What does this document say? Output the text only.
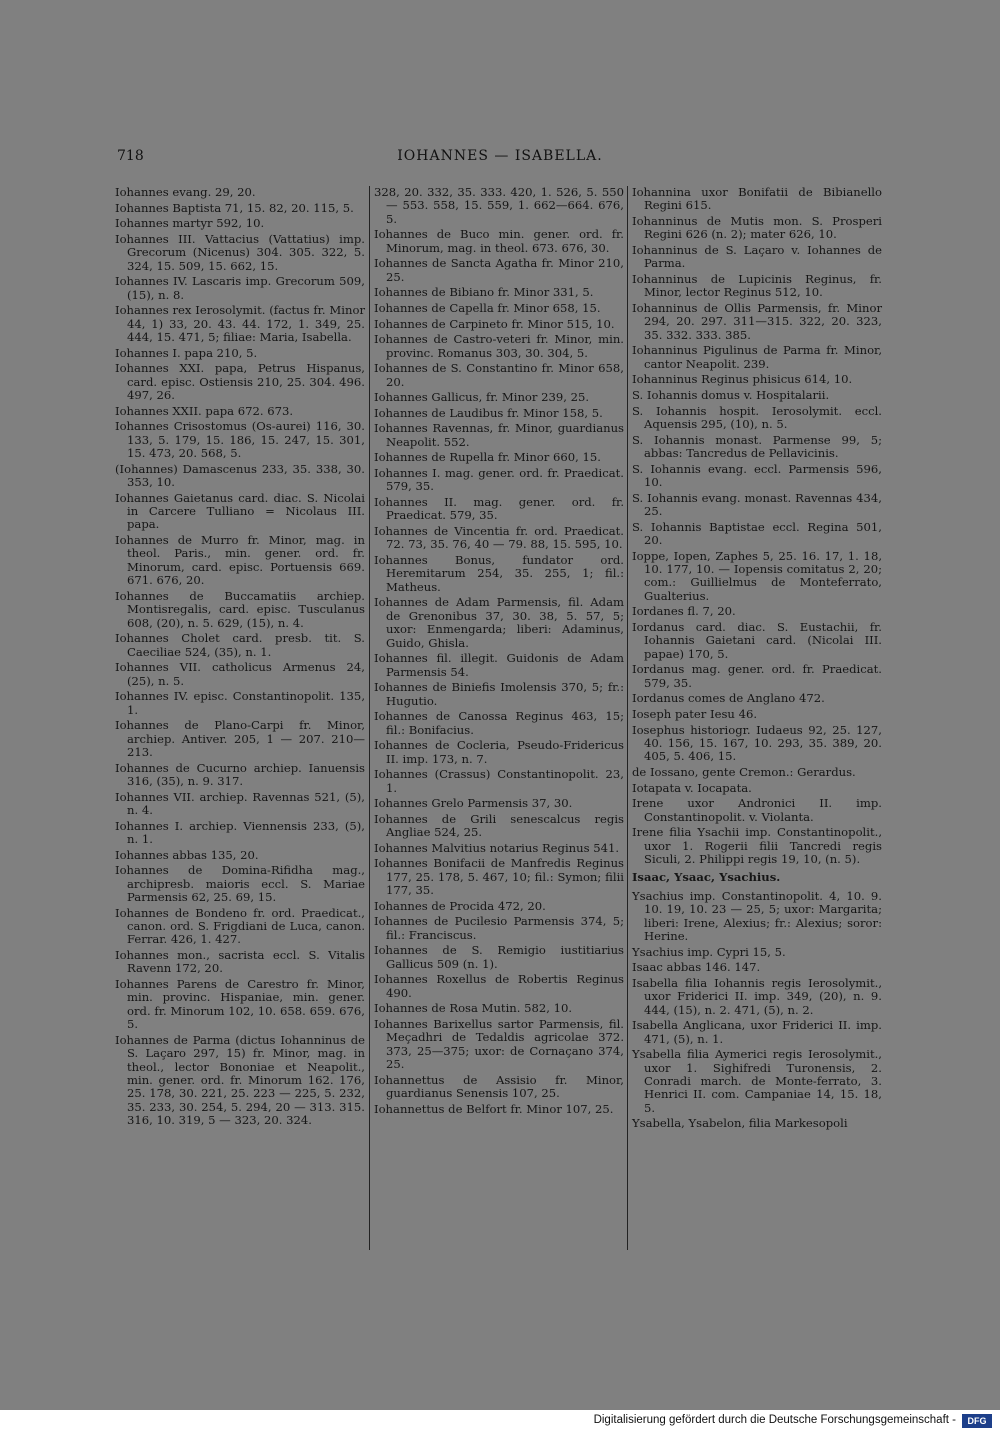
718	IOHANNES — ISABELLA.

Iohannes evang. 29, 20.

Iohannes Baptista 71, 15. 82, 20. 115, 5.

Iohannes martyr 592, 10.

Iohannes III. Vattacius (Vattatius) imp. Grecorum (Nicenus) 304. 305. 322, 5. 324, 15. 509, 15. 662, 15.

Iohannes IV. Lascaris imp. Grecorum 509, (15), n. 8.

Iohannes rex Ierosolymit. (factus fr. Minor 44, 1) 33, 20. 43. 44. 172, 1. 349, 25. 444, 15. 471, 5; filiae: Maria, Isabella.

Iohannes I. papa 210, 5.

Iohannes XXI. papa, Petrus Hispanus, card. episc. Ostiensis 210, 25. 304. 496. 497, 26.

Iohannes XXII. papa 672. 673.

Iohannes Crisostomus (Os-aurei) 116, 30. 133, 5. 179, 15. 186, 15. 247, 15. 301, 15. 473, 20. 568, 5.

(Iohannes) Damascenus 233, 35. 338, 30. 353, 10.

Iohannes Gaietanus card. diac. S. Nicolai in Carcere Tulliano = Nicolaus III. papa.

Iohannes de Murro fr. Minor, mag. in theol. Paris., min. gener. ord. fr. Minorum, card. episc. Portuensis 669. 671. 676, 20.

Iohannes de Buccamatiis archiep. Montisregalis, card. episc. Tusculanus 608, (20), n. 5. 629, (15), n. 4.

Iohannes Cholet card. presb. tit. S. Caeciliae 524, (35), n. 1.

Iohannes VII. catholicus Armenus 24, (25), n. 5.

Iohannes IV. episc. Constantinopolit. 135, 1.

Iohannes de Plano-Carpi fr. Minor, archiep. Antiver. 205, 1 — 207. 210—213.

Iohannes de Cucurno archiep. Ianuensis 316, (35), n. 9. 317.

Iohannes VII. archiep. Ravennas 521, (5), n. 4.

Iohannes I. archiep. Viennensis 233, (5), n. 1.

Iohannes abbas 135, 20.

Iohannes de Domina-Rifidha mag., archipresb. maioris eccl. S. Mariae Parmensis 62, 25. 69, 15.

Iohannes de Bondeno fr. ord. Praedicat., canon. ord. S. Frigdiani de Luca, canon. Ferrar. 426, 1. 427.

Iohannes mon., sacrista eccl. S. Vitalis Ravenn 172, 20.

Iohannes Parens de Carestro fr. Minor, min. provinc. Hispaniae, min. gener. ord. fr. Minorum 102, 10. 658. 659. 676, 5.

Iohannes de Parma (dictus Iohanninus de S. Laçaro 297, 15) fr. Minor, mag. in theol., lector Bononiae et Neapolit., min. gener. ord. fr. Minorum 162. 176, 25. 178, 30. 221, 25. 223 — 225, 5. 232, 35. 233, 30. 254, 5. 294, 20 — 313. 315. 316, 10. 319, 5 — 323, 20. 324.

328, 20. 332, 35. 333. 420, 1. 526, 5. 550 — 553. 558, 15. 559, 1. 662—664. 676, 5.

Iohannes de Buco min. gener. ord. fr. Minorum, mag. in theol. 673. 676, 30.

Iohannes de Sancta Agatha fr. Minor 210, 25.

Iohannes de Bibiano fr. Minor 331, 5.

Iohannes de Capella fr. Minor 658, 15.

Iohannes de Carpineto fr. Minor 515, 10.

Iohannes de Castro-veteri fr. Minor, min. provinc. Romanus 303, 30. 304, 5.

Iohannes de S. Constantino fr. Minor 658, 20.

Iohannes Gallicus, fr. Minor 239, 25.

Iohannes de Laudibus fr. Minor 158, 5.

Iohannes Ravennas, fr. Minor, guardianus Neapolit. 552.

Iohannes de Rupella fr. Minor 660, 15.

Iohannes I. mag. gener. ord. fr. Praedicat. 579, 35.

Iohannes II. mag. gener. ord. fr. Praedicat. 579, 35.

Iohannes de Vincentia fr. ord. Praedicat. 72. 73, 35. 76, 40 — 79. 88, 15. 595, 10.

Iohannes Bonus, fundator ord. Heremitarum 254, 35. 255, 1; fil.: Matheus.

Iohannes de Adam Parmensis, fil. Adam de Grenonibus 37, 30. 38, 5. 57, 5; uxor: Enmengarda; liberi: Adaminus, Guido, Ghisla.

Iohannes fil. illegit. Guidonis de Adam Parmensis 54.

Iohannes de Biniefis Imolensis 370, 5; fr.: Hugutio.

Iohannes de Canossa Reginus 463, 15; fil.: Bonifacius.

Iohannes de Cocleria, Pseudo-Fridericus II. imp. 173, n. 7.

Iohannes (Crassus) Constantinopolit. 23, 1.

Iohannes Grelo Parmensis 37, 30.

Iohannes de Grili senescalcus regis Angliae 524, 25.

Iohannes Malvitius notarius Reginus 541.

Iohannes Bonifacii de Manfredis Reginus 177, 25. 178, 5. 467, 10; fil.: Symon; filii 177, 35.

Iohannes de Procida 472, 20.

Iohannes de Pucilesio Parmensis 374, 5; fil.: Franciscus.

Iohannes de S. Remigio iustitiarius Gallicus 509 (n. 1).

Iohannes Roxellus de Robertis Reginus 490.

Iohannes de Rosa Mutin. 582, 10.

Iohannes Barixellus sartor Parmensis, fil. Meçadhri de Tedaldis agricolae 372. 373, 25—375; uxor: de Cornaçano 374, 25.

Iohannettus de Assisio fr. Minor, guardianus Senensis 107, 25.

Iohannettus de Belfort fr. Minor 107, 25.

Iohannina uxor Bonifatii de Bibianello Regini 615.

Iohanninus de Mutis mon. S. Prosperi Regini 626 (n. 2); mater 626, 10.

Iohanninus de S. Laçaro v. Iohannes de Parma.

Iohanninus de Lupicinis Reginus, fr. Minor, lector Reginus 512, 10.

Iohanninus de Ollis Parmensis, fr. Minor 294, 20. 297. 311—315. 322, 20. 323, 35. 332. 333. 385.

Iohanninus Pigulinus de Parma fr. Minor, cantor Neapolit. 239.

Iohanninus Reginus phisicus 614, 10.

S. Iohannis domus v. Hospitalarii.

S. Iohannis hospit. Ierosolymit. eccl. Aquensis 295, (10), n. 5.

S. Iohannis monast. Parmense 99, 5; abbas: Tancredus de Pellavicinis.

S. Iohannis evang. eccl. Parmensis 596, 10.

S. Iohannis evang. monast. Ravennas 434, 25.

S. Iohannis Baptistae eccl. Regina 501, 20.

Ioppe, Iopen, Zaphes 5, 25. 16. 17, 1. 18, 10. 177, 10. — Iopensis comitatus 2, 20; com.: Guillielmus de Monteferrato, Gualterius.

Iordanes fl. 7, 20.

Iordanus card. diac. S. Eustachii, fr. Iohannis Gaietani card. (Nicolai III. papae) 170, 5.

Iordanus mag. gener. ord. fr. Praedicat. 579, 35.

Iordanus comes de Anglano 472.

Ioseph pater Iesu 46.

Iosephus historiogr. Iudaeus 92, 25. 127, 40. 156, 15. 167, 10. 293, 35. 389, 20. 405, 5. 406, 15.

de Iossano, gente Cremon.: Gerardus.

Iotapata v. Iocapata.

Irene uxor Andronici II. imp. Constantinopolit. v. Violanta.

Irene filia Ysachii imp. Constantinopolit., uxor 1. Rogerii filii Tancredi regis Siculi, 2. Philippi regis 19, 10, (n. 5).

Isaac, Ysaac, Ysachius.

Ysachius imp. Constantinopolit. 4, 10. 9. 10. 19, 10. 23 — 25, 5; uxor: Margarita; liberi: Irene, Alexius; fr.: Alexius; soror: Herine.

Ysachius imp. Cypri 15, 5.

Isaac abbas 146. 147.

Isabella filia Iohannis regis Ierosolymit., uxor Friderici II. imp. 349, (20), n. 9. 444, (15), n. 2. 471, (5), n. 2.

Isabella Anglicana, uxor Friderici II. imp. 471, (5), n. 1.

Ysabella filia Aymerici regis Ierosolymit., uxor 1. Sighifredi Turonensis, 2. Conradi march. de Monte-ferrato, 3. Henrici II. com. Campaniae 14, 15. 18, 5.

Ysabella, Ysabelon, filia Markesopoli

Digitalisierung gefördert durch die Deutsche Forschungsgemeinschaft -	DFG
